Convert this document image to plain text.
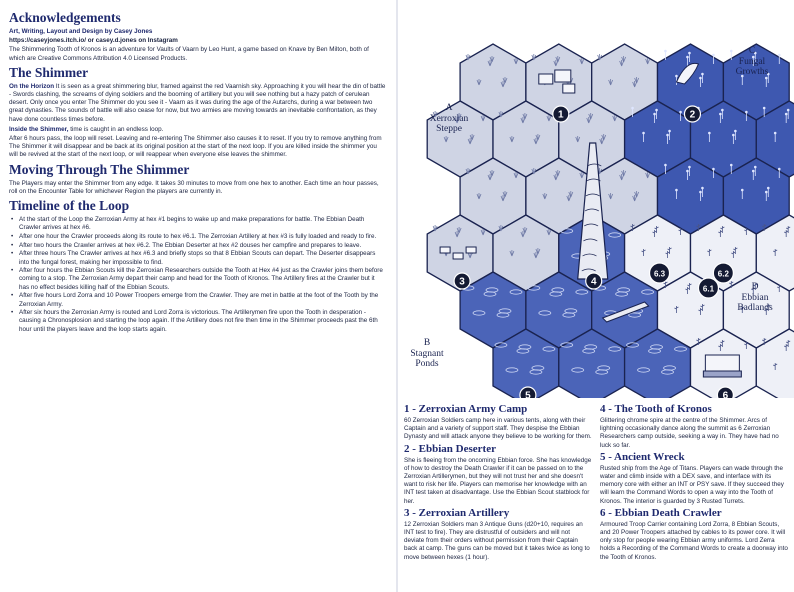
Acknowledgements

Art, Writing, Layout and Design by Casey Jones

https://caseyjones.itch.io/ or casey.d.jones on Instagram

The Shimmering Tooth of Kronos is an adventure for Vaults of Vaarn by Leo Hunt, a game based on Knave by Ben Milton, both of which are Creative Commons Attribution 4.0 Licensed Products.

The Shimmer

On the Horizon It is seen as a great shimmering blur, framed against the red Vaarnish sky. Approaching it you will hear the din of battle - Swords clashing, the screams of dying soldiers and the booming of artillery but you will see nothing but a hazy patch of cerulean desert. Only once you enter The Shimmer do you see it - Vaarn as it was during the age of the Autarchs, during a war between two great dynasties. The sounds of battle will also cease for now, but two armies are moving towards an inevitable confrontation, as they have done countless times before.

Inside the Shimmer, time is caught in an endless loop.

After 6 hours pass, the loop will reset. Leaving and re-entering The Shimmer also causes it to reset. If you try to remove anything from The Shimmer it will disappear and be back at its original position at the start of the next loop. If you are killed inside the shimmer you will be revived at the start of the next loop, or will reappear when everyone else leaves the shimmer.

Moving Through The Shimmer

The Players may enter the Shimmer from any edge. It takes 30 minutes to move from one hex to another. Each time an hour passes, roll on the Encounter Table for whichever Region the players are currently in.

Timeline of the Loop
• At the start of the Loop the Zerroxian Army at hex #1 begins to wake up and make preparations for battle. The Ebbian Death Crawler arrives at hex #6.
• After one hour the Crawler proceeds along its route to hex #6.1. The Zerroxian Artillery at hex #3 is fully loaded and ready to fire.
• After two hours the Crawler arrives at hex #6.2. The Ebbian Deserter at hex #2 douses her campfire and prepares to leave.
• After three hours The Crawler arrives at hex #6.3 and briefly stops so that 8 Ebbian Scouts can depart. The Deserter disappears into the fungal forest, making her impossible to find.
• After four hours the Ebbian Scouts kill the Zerroxian Researchers outside the Tooth at Hex #4 just as the Crawler joins them before coming to a stop. The Zerroxian Army depart their camp and head for the Tooth of Kronos. The Artillery fires at the Crawler but it has no effect besides killing half of the Ebbian Scouts.
• After five hours Lord Zorra and 10 Power Troopers emerge from the Crawler. They are met in battle at the foot of the Tooth by the Zerroxian Army.
• After six hours the Zerroxian Army is routed and Lord Zorra is victorious. The Artillerymen fire upon the Tooth in desperation - causing a Chronosplosion and starting the loop again. If the Artillery does not fire then time in the Shimmer proceeds past the 6th hour until the players leave and the loop starts again.
1	2
3	4
5	6
6.1
6.2
6.3
A
Xerroxian
Steppe
B
Stagnant
Ponds
C
Fungal
Growths
D
Ebbian
Badlands
1 - Zerroxian Army Camp

60 Zerroxian Soldiers camp here in various tents, along with their Captain and a variety of support staff. They despise the Ebbian Dynasty and will attack anyone they believe to be working for them.

2 - Ebbian Deserter

She is fleeing from the oncoming Ebbian force. She has knowledge of how to destroy the Death Crawler if it can be passed on to the Zerroxian Artillerymen, but they will not trust her and she doesn't want to risk her life. Players can memorise her knowledge with an INT test taken at disadvantage. Use the Ebbian Scout statblock for her.

3 - Zerroxian Artillery

12 Zerroxian Soldiers man 3 Antique Guns (d20+10, requires an INT test to fire). They are distrustful of outsiders and will not deviate from their orders without permission from their Captain back at camp. The guns can be moved but it takes twice as long to move between hexes (1 hour).

4 - The Tooth of Kronos

Glittering chrome spire at the centre of the Shimmer. Arcs of lightning occasionally dance along the summit as 6 Zerroxian Researchers camp outside, seeking a way in. They have had no luck so far.

5 - Ancient Wreck

Rusted ship from the Age of Titans. Players can wade through the water and climb inside with a DEX save, and interface with its memory core with either an INT or PSY save. If they succeed they will learn the Command Words to open a way into the Tooth of Kronos. The interior is guarded by 3 Rusted Turrets.

6 - Ebbian Death Crawler

Armoured Troop Carrier containing Lord Zorra, 8 Ebbian Scouts, and 20 Power Troopers attached by cables to its power core. It will only stop for people wearing Ebbian army uniforms. Lord Zerra holds a Recording of the Command Words to create a doorway into the Tooth of Kronos.
